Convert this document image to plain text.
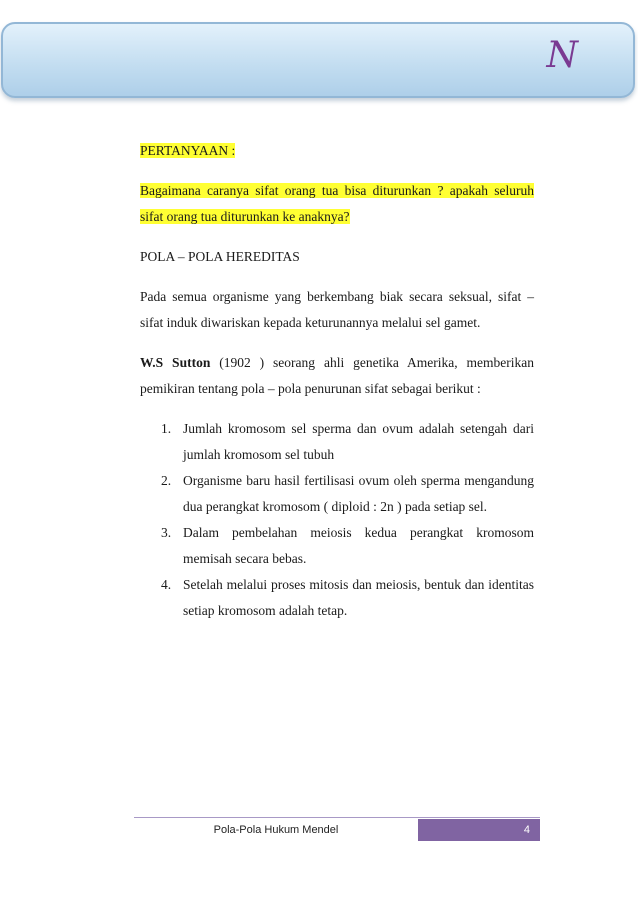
N

PERTANYAAN :

Bagaimana caranya sifat orang tua bisa diturunkan ? apakah seluruh sifat orang tua diturunkan ke anaknya?

POLA – POLA HEREDITAS

Pada semua organisme yang berkembang biak secara seksual, sifat – sifat induk diwariskan kepada keturunannya melalui sel gamet.

W.S Sutton (1902 ) seorang ahli genetika Amerika, memberikan pemikiran tentang pola – pola penurunan sifat sebagai berikut :

1. Jumlah kromosom sel sperma dan ovum adalah setengah dari jumlah kromosom sel tubuh
2. Organisme baru hasil fertilisasi ovum oleh sperma mengandung dua perangkat kromosom ( diploid : 2n ) pada setiap sel.
3. Dalam pembelahan meiosis kedua perangkat kromosom memisah secara bebas.
4. Setelah melalui proses mitosis dan meiosis, bentuk dan identitas setiap kromosom adalah tetap.
Pola-Pola Hukum Mendel	4
